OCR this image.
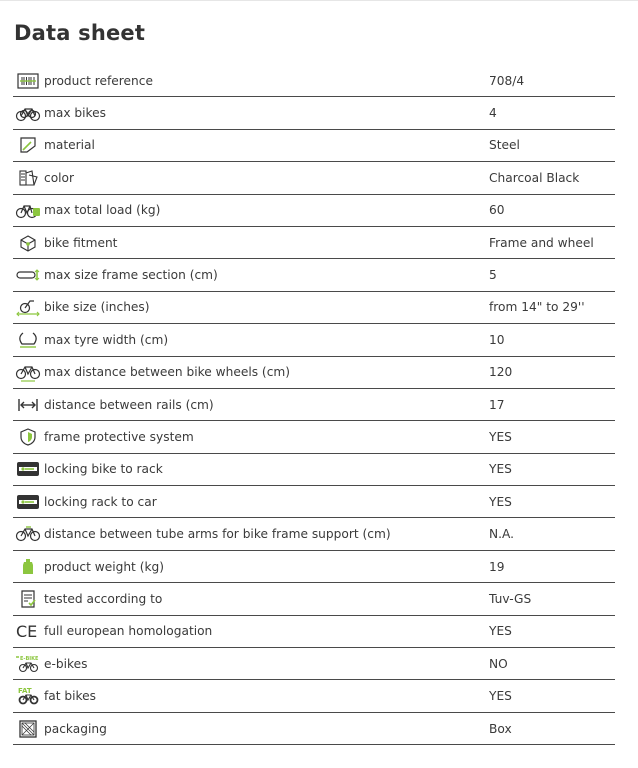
Data sheet
product reference	708/4
max bikes	4
material	Steel
color	Charcoal Black
max total load (kg)	60
bike fitment	Frame and wheel
max size frame section (cm)	5
bike size (inches)	from 14" to 29''
max tyre width (cm)	10
max distance between bike wheels (cm)	120
distance between rails (cm)	17
frame protective system	YES
locking bike to rack	YES
locking rack to car	YES
distance between tube arms for bike frame support (cm)	N.A.
product weight (kg)	19
tested according to	Tuv-GS
CE full european homologation	YES
E-BIKE e-bikes	NO
FAT fat bikes	YES
packaging	Box
